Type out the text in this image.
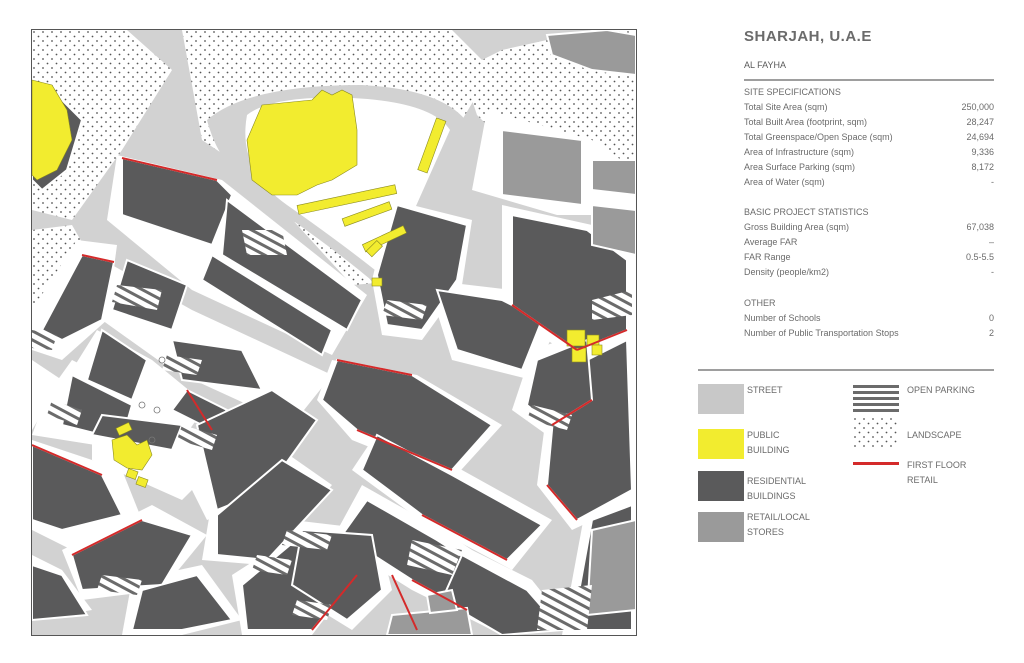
SHARJAH, U.A.E
AL FAYHA
SITE SPECIFICATIONS
Total Site Area (sqm)	250,000
Total Built Area (footprint, sqm)	28,247
Total Greenspace/Open Space (sqm)	24,694
Area of Infrastructure (sqm)	9,336
Area Surface Parking (sqm)	8,172
Area of Water (sqm)	-
BASIC PROJECT STATISTICS
Gross Building Area (sqm)	67,038
Average FAR	–
FAR Range	0.5-5.5
Density (people/km2)	-
OTHER
Number of Schools	0
Number of Public Transportation Stops	2
STREET
PUBLIC
BUILDING
RESIDENTIAL
BUILDINGS
RETAIL/LOCAL
STORES
OPEN PARKING
LANDSCAPE
FIRST FLOOR
RETAIL
